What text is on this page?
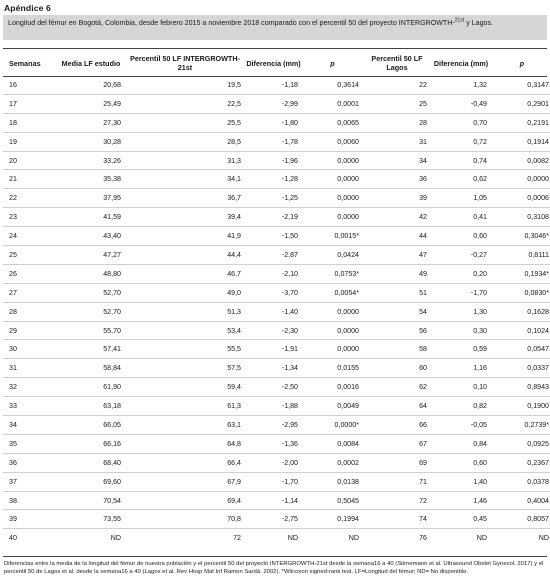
Apéndice 6
Longitud del fémur en Bogotá, Colombia, desde febrero 2015 a noviembre 2018 comparado con el percentil 50 del proyecto INTERGROWTH-$^{21st}$ y Lagos.
Semanas	Media LF estudio	Percentil 50 LF INTERGROWTH-21st	Diferencia (mm)	p	Percentil 50 LF Lagos	Diferencia (mm)	p
16	20,68	19,5	-1,18	0,3614	22	1,32	0,3147
17	25,49	22,5	-2,99	0,0001	25	-0,49	0,2901
18	27,30	25,5	-1,80	0,0065	28	0,70	0,2191
19	30,28	28,5	-1,78	0,0060	31	0,72	0,1914
20	33,26	31,3	-1,96	0,0000	34	0,74	0,0082
21	35,38	34,1	-1,28	0,0000	36	0,62	0,0000
22	37,95	36,7	-1,25	0,0000	39	1,05	0,0006
23	41,59	39,4	-2,19	0,0000	42	0,41	0,3108
24	43,40	41,9	-1,50	0,0015*	44	0,60	0,3046*
25	47,27	44,4	-2,87	0,0424	47	-0,27	0,8111
26	48,80	46,7	-2,10	0,0753*	49	0,20	0,1934*
27	52,70	49,0	-3,70	0,0054*	51	-1,70	0,0830*
28	52,70	51,3	-1,40	0,0000	54	1,30	0,1628
29	55,70	53,4	-2,30	0,0000	56	0,30	0,1024
30	57,41	55,5	-1,91	0,0000	58	0,59	0,0547
31	58,84	57,5	-1,34	0,0155	60	1,16	0,0337
32	61,90	59,4	-2,50	0,0016	62	0,10	0,8943
33	63,18	61,3	-1,88	0,0049	64	0,82	0,1900
34	66,05	63,1	-2,95	0,0000*	66	-0,05	0,2739*
35	66,16	64,8	-1,36	0,0084	67	0,84	0,0925
36	68,40	66,4	-2,00	0,0002	69	0,60	0,2367
37	69,60	67,9	-1,70	0,0138	71	1,40	0,0378
38	70,54	69,4	-1,14	0,5045	72	1,46	0,4004
39	73,55	70,8	-2,75	0,1994	74	0,45	0,8057
40	ND	72	ND	ND	76	ND	ND
Diferencias entre la media de la longitud del fémur de nuestra población y el percentil 50 del proyecto INTERGROWTH-21st desde la semana16 a 40 (Stirnemann et al. Ultrasound Obstet Gynecol. 2017) y el percentil 50 de Lagos et al. desde la semana16 a 40 (Lagos et al. Rev Hosp Mat Inf Ramon Sardá. 2002). *Wilcoxon signed-rank test. LF=Longitud del fémur; ND= No disponible.
